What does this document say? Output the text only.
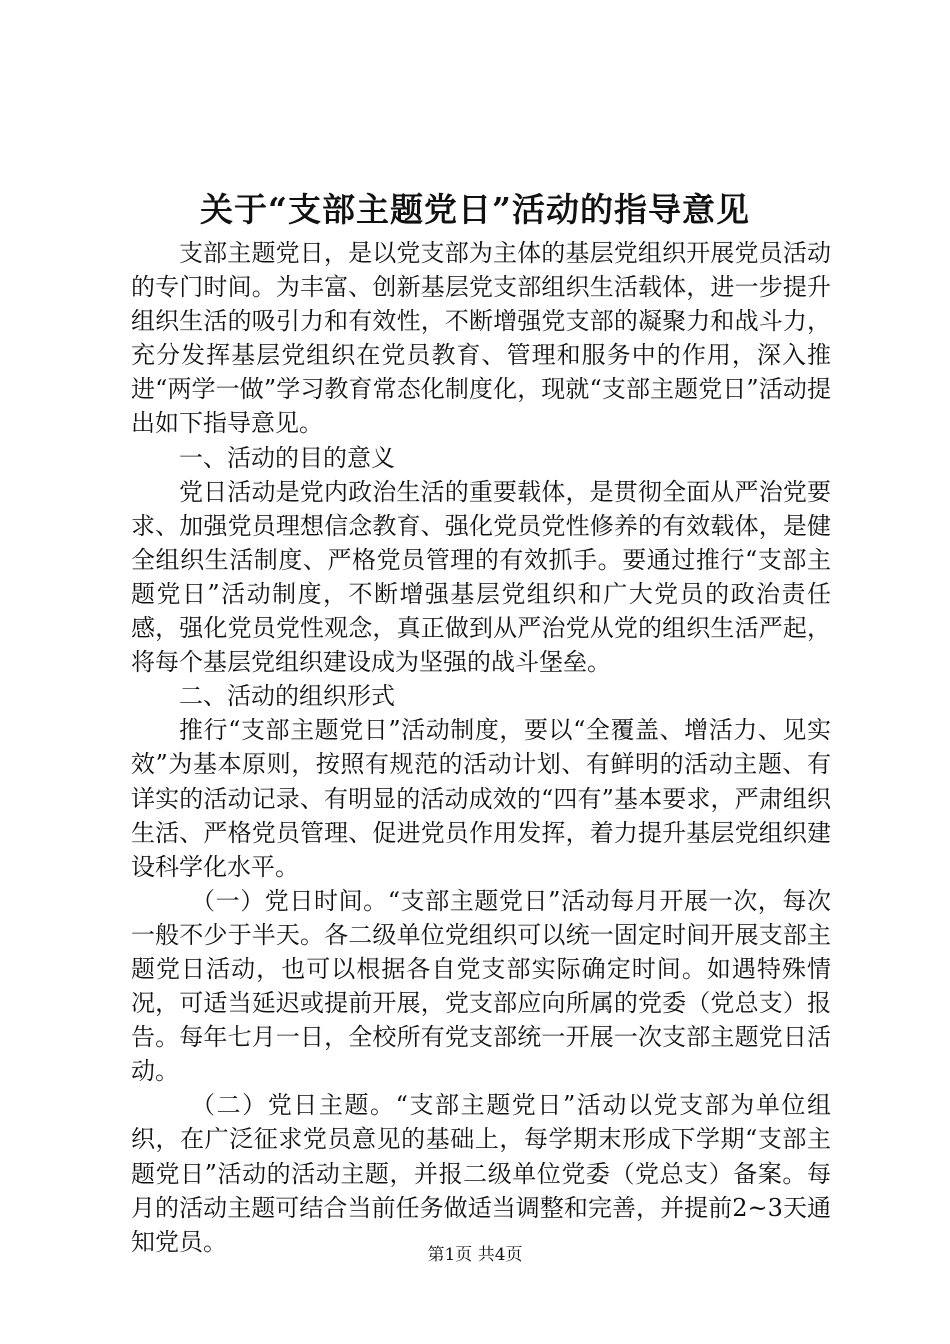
关于“支部主题党日”活动的指导意见

支部主题党日，是以党支部为主体的基层党组织开展党员活动的专门时间。为丰富、创新基层党支部组织生活载体，进一步提升组织生活的吸引力和有效性，不断增强党支部的凝聚力和战斗力，充分发挥基层党组织在党员教育、管理和服务中的作用，深入推进“两学一做”学习教育常态化制度化，现就“支部主题党日”活动提出如下指导意见。

一、活动的目的意义

党日活动是党内政治生活的重要载体，是贯彻全面从严治党要求、加强党员理想信念教育、强化党员党性修养的有效载体，是健全组织生活制度、严格党员管理的有效抓手。要通过推行“支部主题党日”活动制度，不断增强基层党组织和广大党员的政治责任感，强化党员党性观念，真正做到从严治党从党的组织生活严起，将每个基层党组织建设成为坚强的战斗堡垒。

二、活动的组织形式

推行“支部主题党日”活动制度，要以“全覆盖、增活力、见实效”为基本原则，按照有规范的活动计划、有鲜明的活动主题、有详实的活动记录、有明显的活动成效的“四有”基本要求，严肃组织生活、严格党员管理、促进党员作用发挥，着力提升基层党组织建设科学化水平。

（一）党日时间。“支部主题党日”活动每月开展一次，每次一般不少于半天。各二级单位党组织可以统一固定时间开展支部主题党日活动，也可以根据各自党支部实际确定时间。如遇特殊情况，可适当延迟或提前开展，党支部应向所属的党委（党总支）报告。每年七月一日，全校所有党支部统一开展一次支部主题党日活动。

（二）党日主题。“支部主题党日”活动以党支部为单位组织，在广泛征求党员意见的基础上，每学期末形成下学期“支部主题党日”活动的活动主题，并报二级单位党委（党总支）备案。每月的活动主题可结合当前任务做适当调整和完善，并提前2~3天通知党员。	第1页 共4页
